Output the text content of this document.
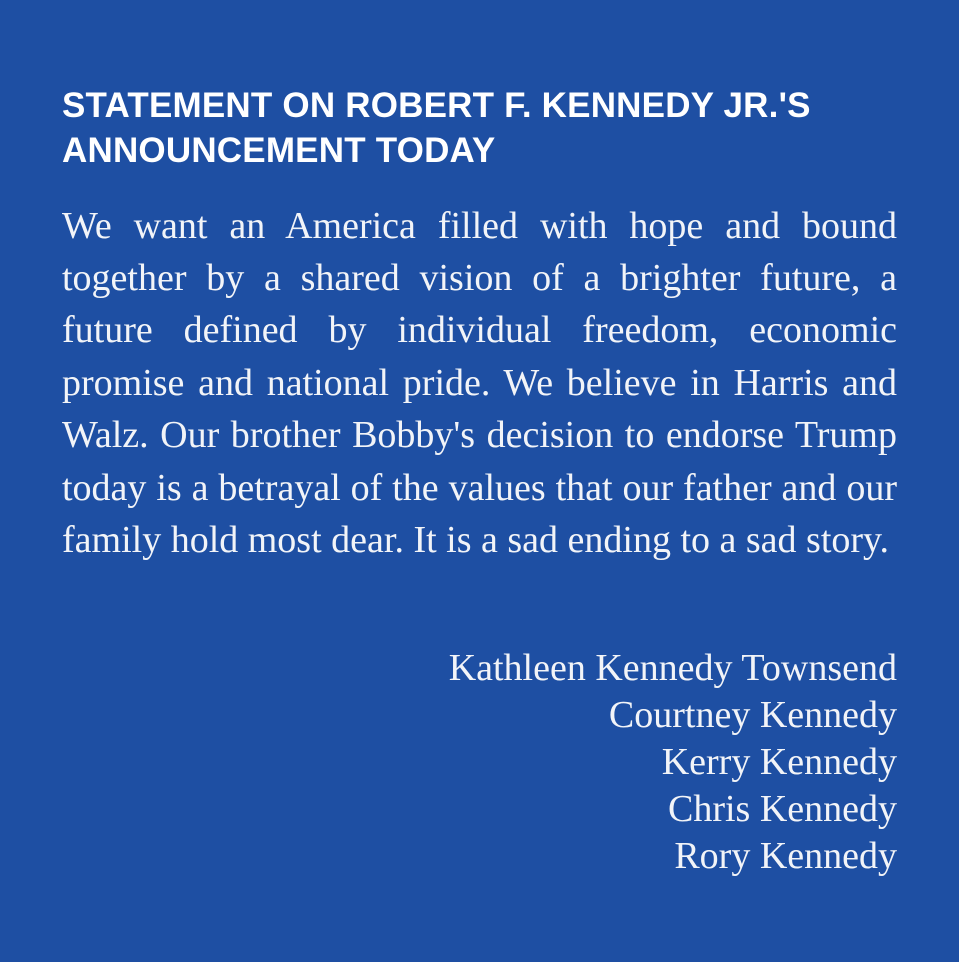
STATEMENT ON ROBERT F. KENNEDY JR.'S ANNOUNCEMENT TODAY

We want an America filled with hope and bound together by a shared vision of a brighter future, a future defined by individual freedom, economic promise and national pride. We believe in Harris and Walz. Our brother Bobby's decision to endorse Trump today is a betrayal of the values that our father and our family hold most dear. It is a sad ending to a sad story.

Kathleen Kennedy Townsend
Courtney Kennedy
Kerry Kennedy
Chris Kennedy
Rory Kennedy
